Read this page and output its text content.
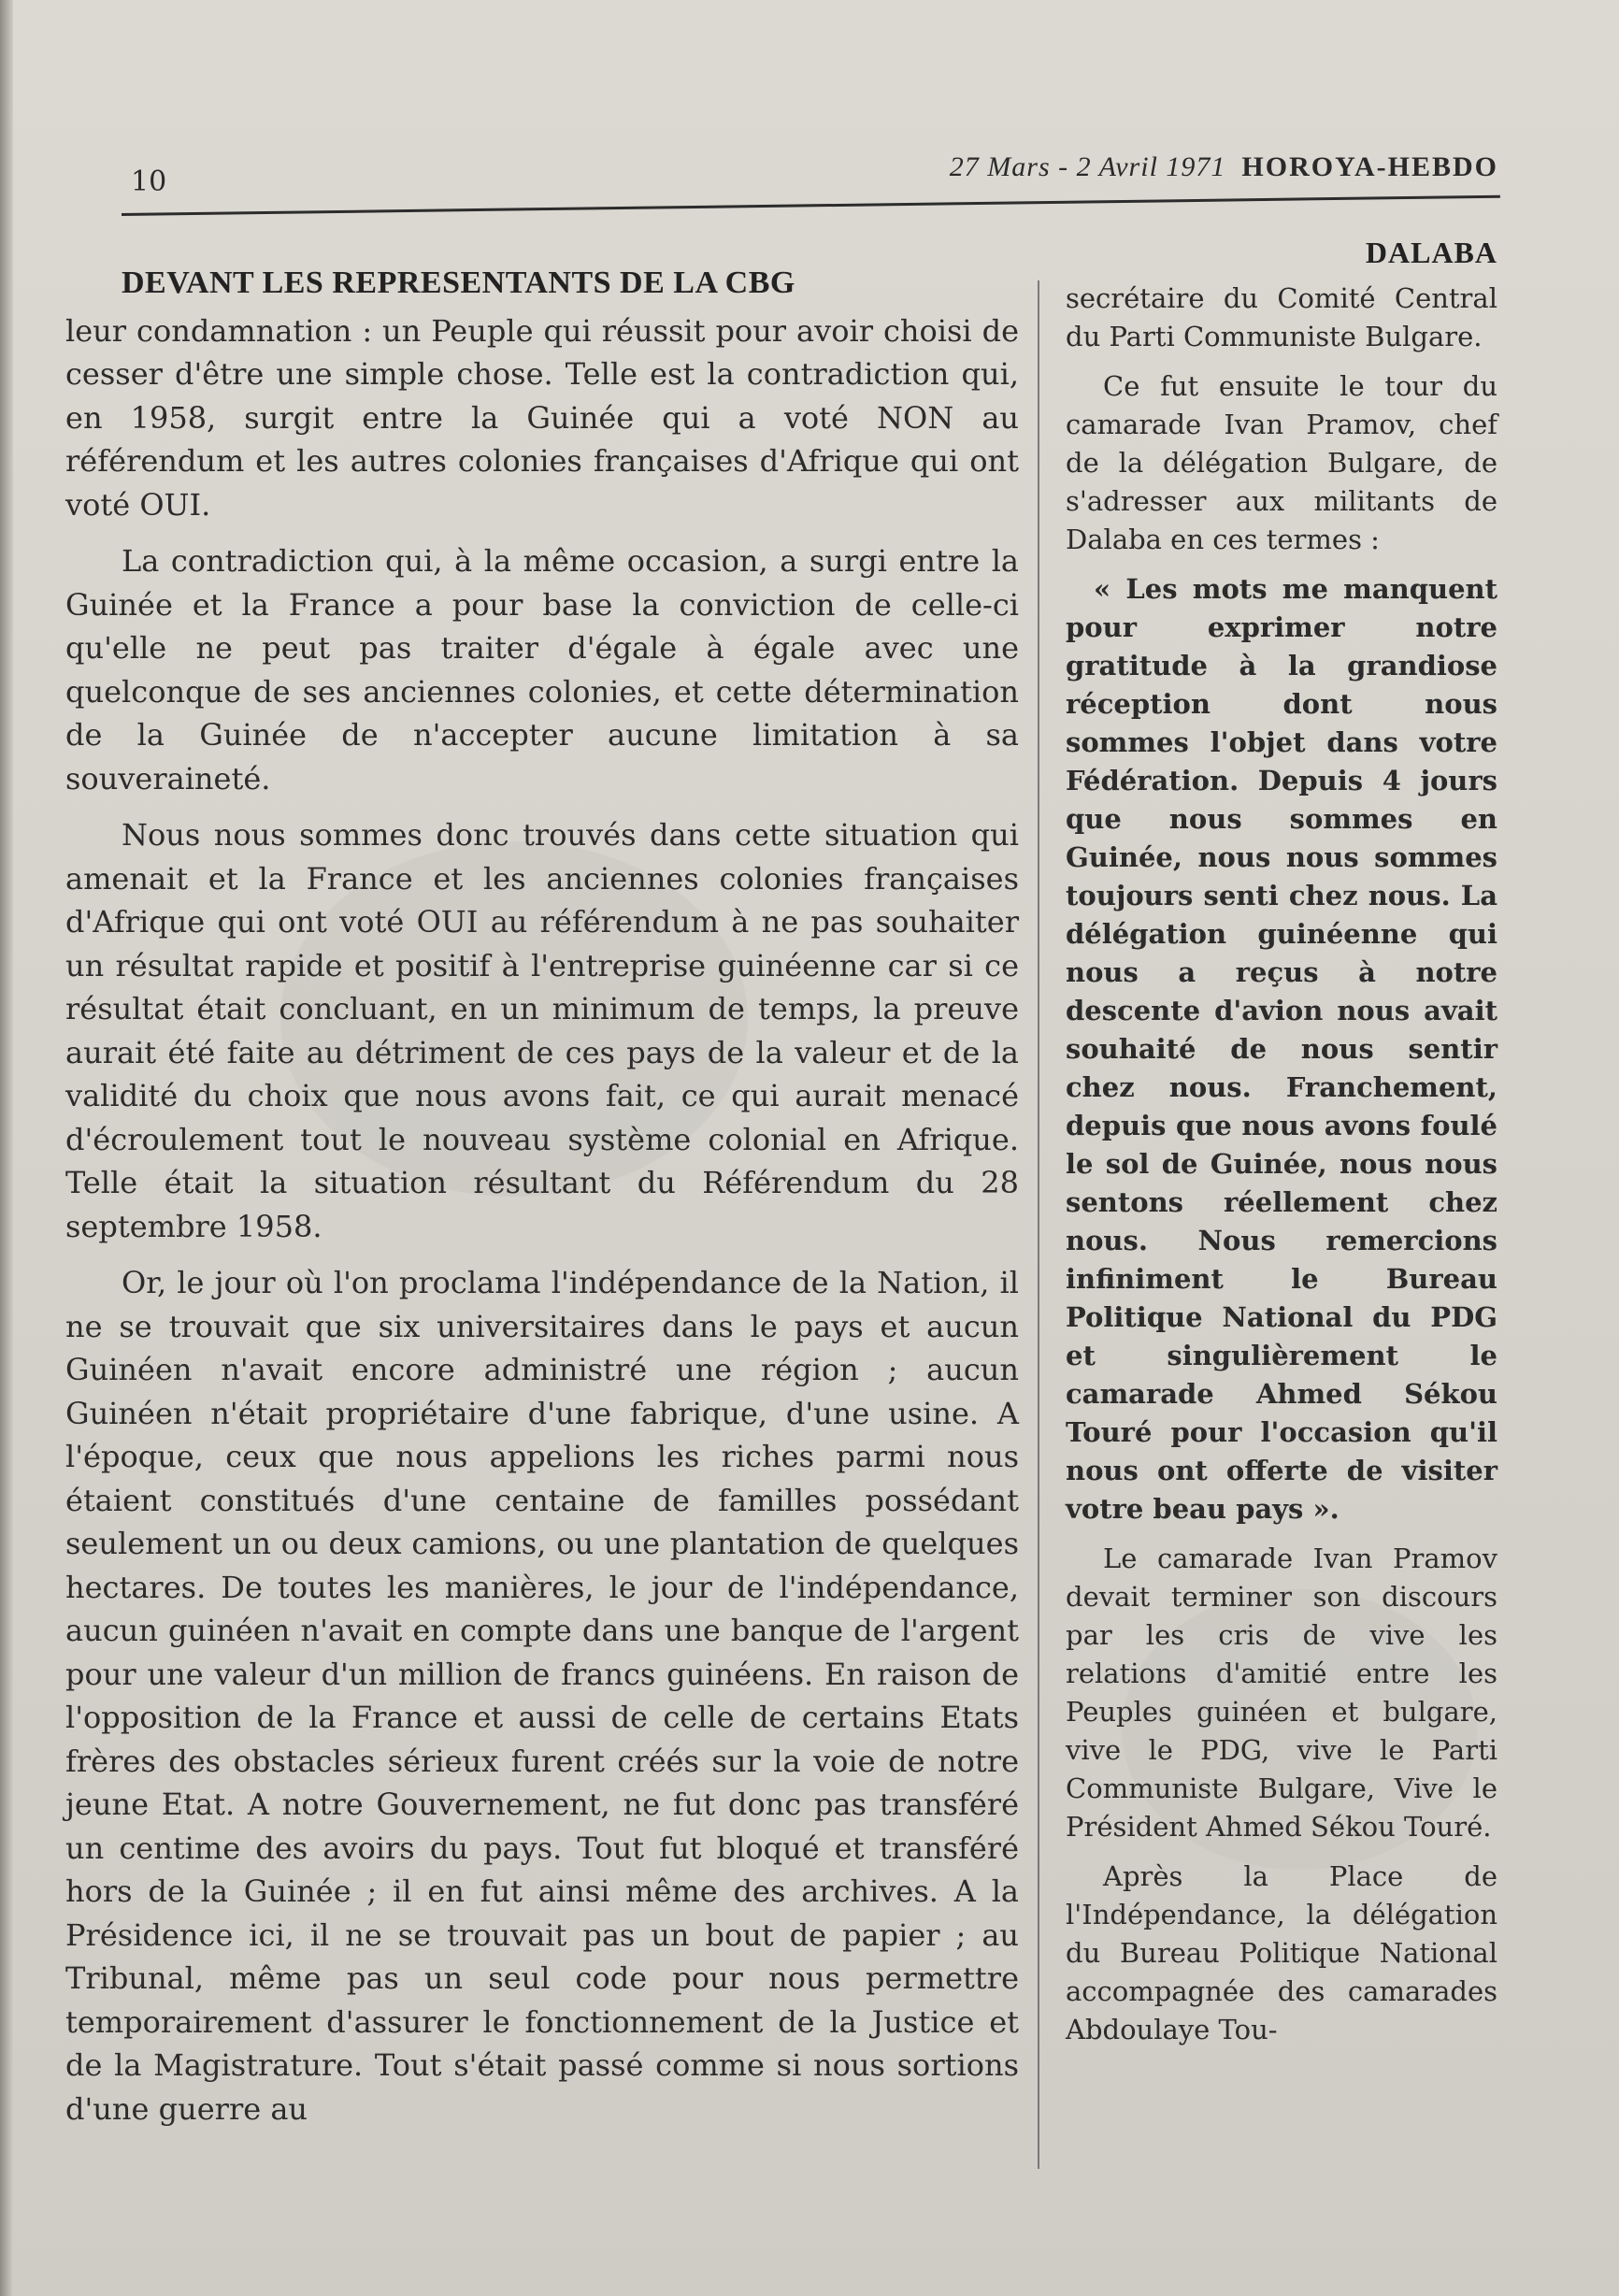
10	27 Mars - 2 Avril 1971 HOROYA-HEBDO
DEVANT LES REPRESENTANTS DE LA CBG

leur condamnation : un Peuple qui réussit pour avoir choisi de cesser d'être une simple chose. Telle est la contradiction qui, en 1958, surgit entre la Guinée qui a voté NON au référendum et les autres colonies françaises d'Afrique qui ont voté OUI.

La contradiction qui, à la même occasion, a surgi entre la Guinée et la France a pour base la conviction de celle-ci qu'elle ne peut pas traiter d'égale à égale avec une quelconque de ses anciennes colonies, et cette détermination de la Guinée de n'accepter aucune limitation à sa souveraineté.

Nous nous sommes donc trouvés dans cette situation qui amenait et la France et les anciennes colonies françaises d'Afrique qui ont voté OUI au référendum à ne pas souhaiter un résultat rapide et positif à l'entreprise guinéenne car si ce résultat était concluant, en un minimum de temps, la preuve aurait été faite au détriment de ces pays de la valeur et de la validité du choix que nous avons fait, ce qui aurait menacé d'écroulement tout le nouveau système colonial en Afrique. Telle était la situation résultant du Référendum du 28 septembre 1958.

Or, le jour où l'on proclama l'indépendance de la Nation, il ne se trouvait que six universitaires dans le pays et aucun Guinéen n'avait encore administré une région ; aucun Guinéen n'était propriétaire d'une fabrique, d'une usine. A l'époque, ceux que nous appelions les riches parmi nous étaient constitués d'une centaine de familles possédant seulement un ou deux camions, ou une plantation de quelques hectares. De toutes les manières, le jour de l'indépendance, aucun guinéen n'avait en compte dans une banque de l'argent pour une valeur d'un million de francs guinéens. En raison de l'opposition de la France et aussi de celle de certains Etats frères des obstacles sérieux furent créés sur la voie de notre jeune Etat. A notre Gouvernement, ne fut donc pas transféré un centime des avoirs du pays. Tout fut bloqué et transféré hors de la Guinée ; il en fut ainsi même des archives. A la Présidence ici, il ne se trouvait pas un bout de papier ; au Tribunal, même pas un seul code pour nous permettre temporairement d'assurer le fonctionnement de la Justice et de la Magistrature. Tout s'était passé comme si nous sortions d'une guerre au

DALABA

secrétaire du Comité Central du Parti Communiste Bulgare.

Ce fut ensuite le tour du camarade Ivan Pramov, chef de la délégation Bulgare, de s'adresser aux militants de Dalaba en ces termes :

« Les mots me manquent pour exprimer notre gratitude à la grandiose réception dont nous sommes l'objet dans votre Fédération. Depuis 4 jours que nous sommes en Guinée, nous nous sommes toujours senti chez nous. La délégation guinéenne qui nous a reçus à notre descente d'avion nous avait souhaité de nous sentir chez nous. Franchement, depuis que nous avons foulé le sol de Guinée, nous nous sentons réellement chez nous. Nous remercions infiniment le Bureau Politique National du PDG et singulièrement le camarade Ahmed Sékou Touré pour l'occasion qu'il nous ont offerte de visiter votre beau pays ».

Le camarade Ivan Pramov devait terminer son discours par les cris de vive les relations d'amitié entre les Peuples guinéen et bulgare, vive le PDG, vive le Parti Communiste Bulgare, Vive le Président Ahmed Sékou Touré.

Après la Place de l'Indépendance, la délégation du Bureau Politique National accompagnée des camarades Abdoulaye Tou-
